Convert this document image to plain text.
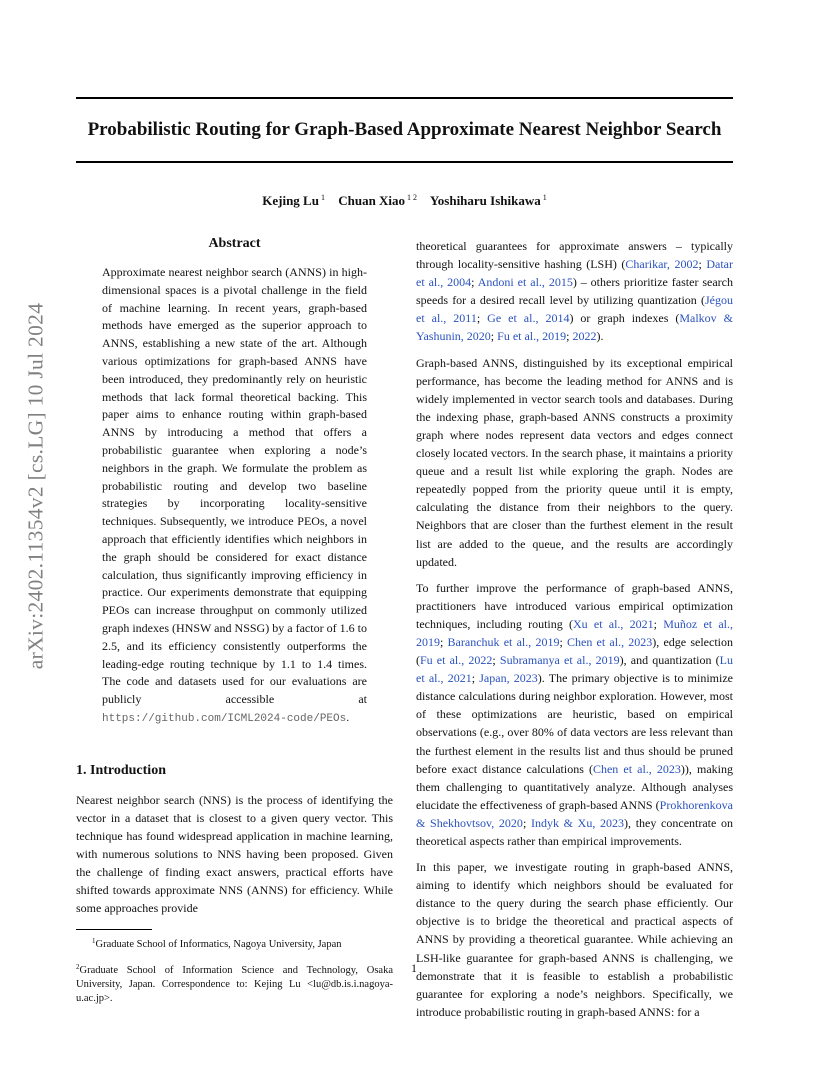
arXiv:2402.11354v2 [cs.LG] 10 Jul 2024
Probabilistic Routing for Graph-Based Approximate Nearest Neighbor Search
Kejing Lu $^1$ Chuan Xiao $^{1 2}$ Yoshiharu Ishikawa $^1$
Abstract

Approximate nearest neighbor search (ANNS) in high-dimensional spaces is a pivotal challenge in the field of machine learning. In recent years, graph-based methods have emerged as the superior approach to ANNS, establishing a new state of the art. Although various optimizations for graph-based ANNS have been introduced, they predominantly rely on heuristic methods that lack formal theoretical backing. This paper aims to enhance routing within graph-based ANNS by introducing a method that offers a probabilistic guarantee when exploring a node’s neighbors in the graph. We formulate the problem as probabilistic routing and develop two baseline strategies by incorporating locality-sensitive techniques. Subsequently, we introduce PEOs, a novel approach that efficiently identifies which neighbors in the graph should be considered for exact distance calculation, thus significantly improving efficiency in practice. Our experiments demonstrate that equipping PEOs can increase throughput on commonly utilized graph indexes (HNSW and NSSG) by a factor of 1.6 to 2.5, and its efficiency consistently outperforms the leading-edge routing technique by 1.1 to 1.4 times. The code and datasets used for our evaluations are publicly accessible at https://github.com/ICML2024-code/PEOs.

1. Introduction

Nearest neighbor search (NNS) is the process of identifying the vector in a dataset that is closest to a given query vector. This technique has found widespread application in machine learning, with numerous solutions to NNS having been proposed. Given the challenge of finding exact answers, practical efforts have shifted towards approximate NNS (ANNS) for efficiency. While some approaches provide

$^1$Graduate School of Informatics, Nagoya University, Japan

$^2$Graduate School of Information Science and Technology, Osaka University, Japan. Correspondence to: Kejing Lu <lu@db.is.i.nagoya-u.ac.jp>.

theoretical guarantees for approximate answers – typically through locality-sensitive hashing (LSH) (Charikar, 2002; Datar et al., 2004; Andoni et al., 2015) – others prioritize faster search speeds for a desired recall level by utilizing quantization (Jégou et al., 2011; Ge et al., 2014) or graph indexes (Malkov & Yashunin, 2020; Fu et al., 2019; 2022).

Graph-based ANNS, distinguished by its exceptional empirical performance, has become the leading method for ANNS and is widely implemented in vector search tools and databases. During the indexing phase, graph-based ANNS constructs a proximity graph where nodes represent data vectors and edges connect closely located vectors. In the search phase, it maintains a priority queue and a result list while exploring the graph. Nodes are repeatedly popped from the priority queue until it is empty, calculating the distance from their neighbors to the query. Neighbors that are closer than the furthest element in the result list are added to the queue, and the results are accordingly updated.

To further improve the performance of graph-based ANNS, practitioners have introduced various empirical optimization techniques, including routing (Xu et al., 2021; Muñoz et al., 2019; Baranchuk et al., 2019; Chen et al., 2023), edge selection (Fu et al., 2022; Subramanya et al., 2019), and quantization (Lu et al., 2021; Japan, 2023). The primary objective is to minimize distance calculations during neighbor exploration. However, most of these optimizations are heuristic, based on empirical observations (e.g., over 80% of data vectors are less relevant than the furthest element in the results list and thus should be pruned before exact distance calculations (Chen et al., 2023)), making them challenging to quantitatively analyze. Although analyses elucidate the effectiveness of graph-based ANNS (Prokhorenkova & Shekhovtsov, 2020; Indyk & Xu, 2023), they concentrate on theoretical aspects rather than empirical improvements.

In this paper, we investigate routing in graph-based ANNS, aiming to identify which neighbors should be evaluated for distance to the query during the search phase efficiently. Our objective is to bridge the theoretical and practical aspects of ANNS by providing a theoretical guarantee. While achieving an LSH-like guarantee for graph-based ANNS is challenging, we demonstrate that it is feasible to establish a probabilistic guarantee for exploring a node’s neighbors. Specifically, we introduce probabilistic routing in graph-based ANNS: for a

1
